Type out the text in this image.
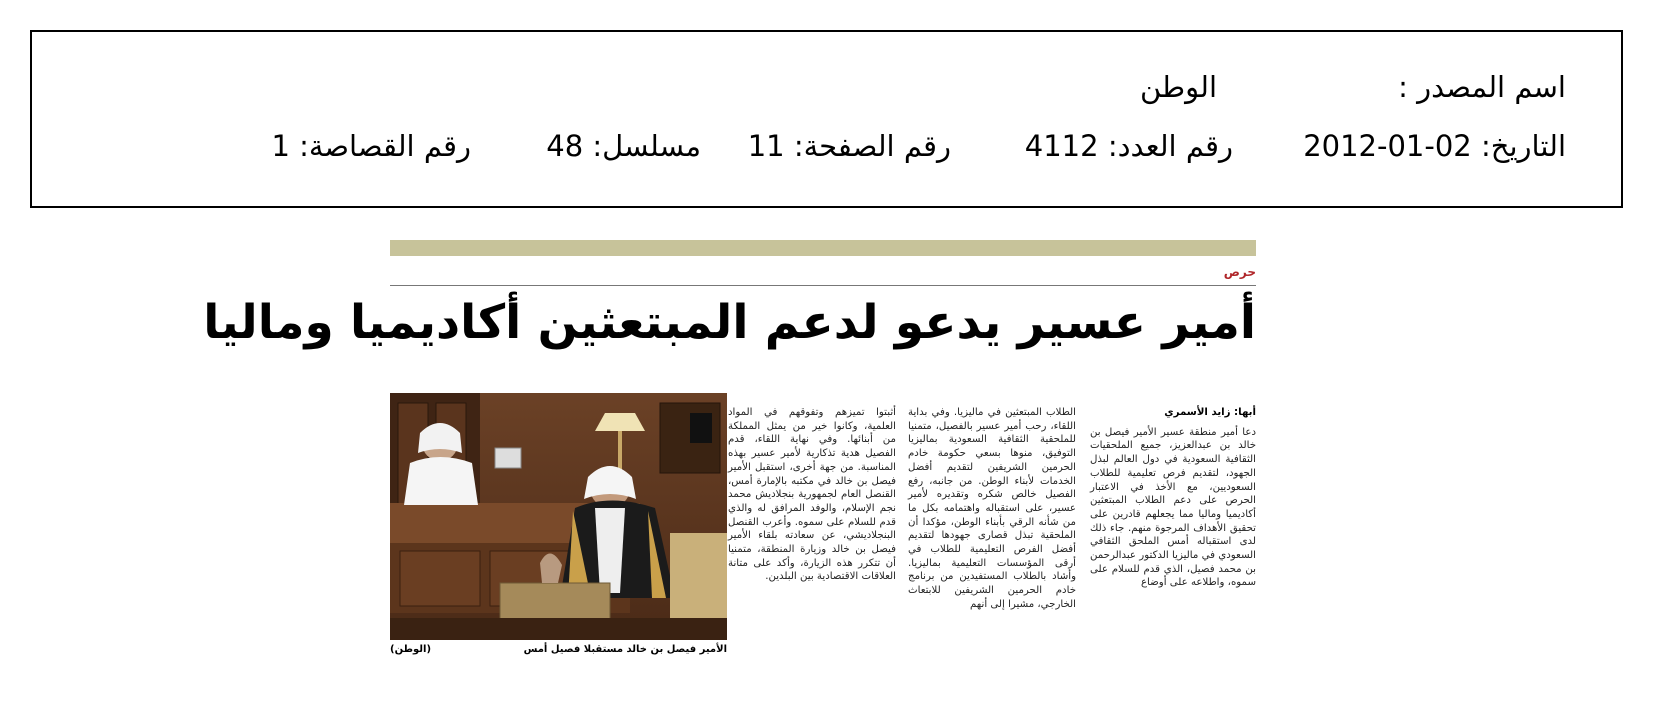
اسم المصدر :
الوطن
التاريخ: 2012-01-02
رقم العدد: 4112
رقم الصفحة: 11
مسلسل: 48
رقم القصاصة: 1
حرص
أمير عسير يدعو لدعم المبتعثين أكاديميا وماليا
أبها: زايد الأسمري
دعا أمير منطقة عسير الأمير فيصل بن خالد بن عبدالعزيز، جميع الملحقيات الثقافية السعودية في دول العالم لبذل الجهود، لتقديم فرص تعليمية للطلاب السعوديين، مع الأخذ في الاعتبار الحرص على دعم الطلاب المبتعثين أكاديميا وماليا مما يجعلهم قادرين على تحقيق الأهداف المرجوة منهم. جاء ذلك لدى استقباله أمس الملحق الثقافي السعودي في ماليزيا الدكتور عبدالرحمن بن محمد فصيل، الذي قدم للسلام على سموه، واطلاعه على أوضاع
الطلاب المبتعثين في ماليزيا. وفي بداية اللقاء، رحب أمير عسير بالفصيل، متمنيا للملحقية الثقافية السعودية بماليزيا التوفيق، منوها بسعي حكومة خادم الحرمين الشريفين لتقديم أفضل الخدمات لأبناء الوطن. من جانبه، رفع الفصيل خالص شكره وتقديره لأمير عسير، على استقباله واهتمامه بكل ما من شأنه الرقي بأبناء الوطن، مؤكدا أن الملحقية تبذل قصارى جهودها لتقديم أفضل الفرص التعليمية للطلاب في أرقى المؤسسات التعليمية بماليزيا. وأشاد بالطلاب المستفيدين من برنامج خادم الحرمين الشريفين للابتعاث الخارجي، مشيرا إلى أنهم
أثبتوا تميزهم وتفوقهم في المواد العلمية، وكانوا خير من يمثل المملكة من أبنائها. وفي نهاية اللقاء، قدم الفصيل هدية تذكارية لأمير عسير بهذه المناسبة. من جهة أخرى، استقبل الأمير فيصل بن خالد في مكتبه بالإمارة أمس، القنصل العام لجمهورية بنجلاديش محمد نجم الإسلام، والوفد المرافق له والذي قدم للسلام على سموه. وأعرب القنصل البنجلاديشي، عن سعادته بلقاء الأمير فيصل بن خالد وزيارة المنطقة، متمنيا أن تتكرر هذه الزيارة، وأكد على متانة العلاقات الاقتصادية بين البلدين.
الأمير فيصل بن خالد مستقبلا فصيل أمس
(الوطن)
